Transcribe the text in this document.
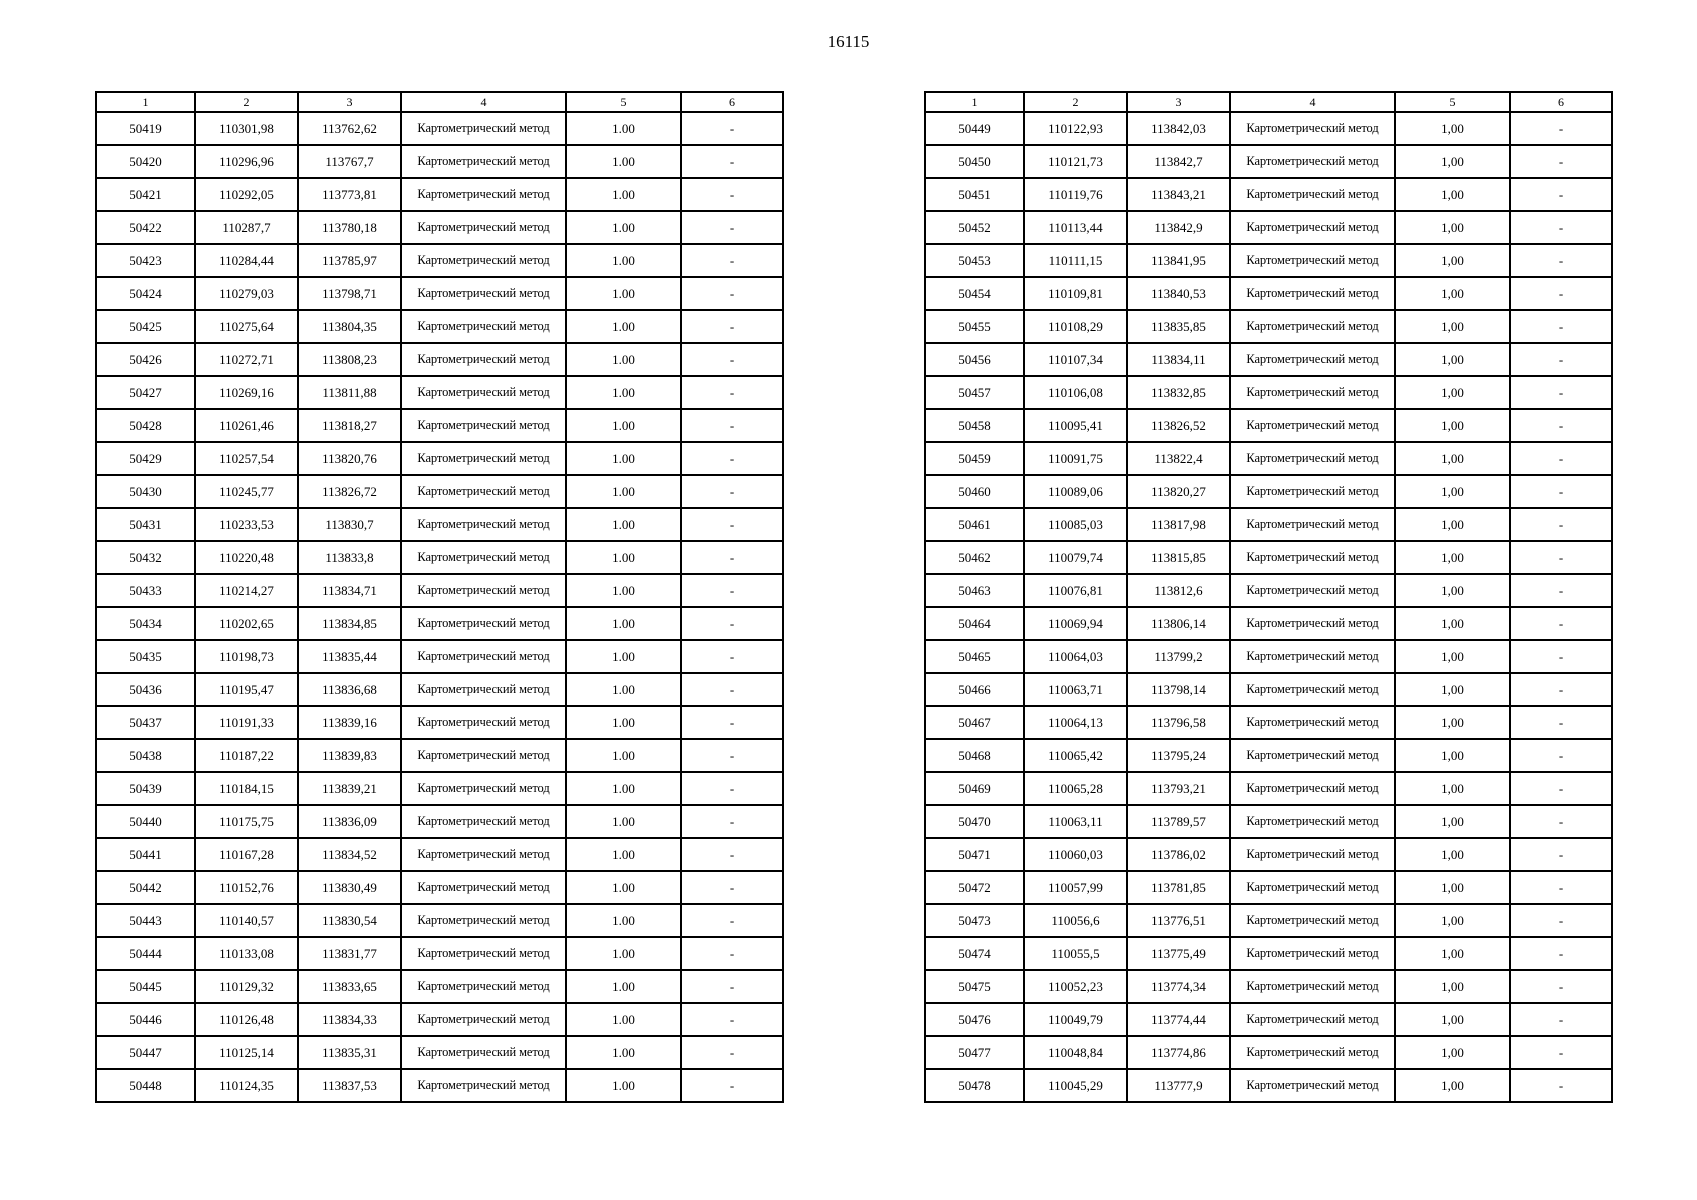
16115
1	2	3	4	5	6
50419	110301,98	113762,62	Картометрический метод	1.00	-
50420	110296,96	113767,7	Картометрический метод	1.00	-
50421	110292,05	113773,81	Картометрический метод	1.00	-
50422	110287,7	113780,18	Картометрический метод	1.00	-
50423	110284,44	113785,97	Картометрический метод	1.00	-
50424	110279,03	113798,71	Картометрический метод	1.00	-
50425	110275,64	113804,35	Картометрический метод	1.00	-
50426	110272,71	113808,23	Картометрический метод	1.00	-
50427	110269,16	113811,88	Картометрический метод	1.00	-
50428	110261,46	113818,27	Картометрический метод	1.00	-
50429	110257,54	113820,76	Картометрический метод	1.00	-
50430	110245,77	113826,72	Картометрический метод	1.00	-
50431	110233,53	113830,7	Картометрический метод	1.00	-
50432	110220,48	113833,8	Картометрический метод	1.00	-
50433	110214,27	113834,71	Картометрический метод	1.00	-
50434	110202,65	113834,85	Картометрический метод	1.00	-
50435	110198,73	113835,44	Картометрический метод	1.00	-
50436	110195,47	113836,68	Картометрический метод	1.00	-
50437	110191,33	113839,16	Картометрический метод	1.00	-
50438	110187,22	113839,83	Картометрический метод	1.00	-
50439	110184,15	113839,21	Картометрический метод	1.00	-
50440	110175,75	113836,09	Картометрический метод	1.00	-
50441	110167,28	113834,52	Картометрический метод	1.00	-
50442	110152,76	113830,49	Картометрический метод	1.00	-
50443	110140,57	113830,54	Картометрический метод	1.00	-
50444	110133,08	113831,77	Картометрический метод	1.00	-
50445	110129,32	113833,65	Картометрический метод	1.00	-
50446	110126,48	113834,33	Картометрический метод	1.00	-
50447	110125,14	113835,31	Картометрический метод	1.00	-
50448	110124,35	113837,53	Картометрический метод	1.00	-
1	2	3	4	5	6
50449	110122,93	113842,03	Картометрический метод	1,00	-
50450	110121,73	113842,7	Картометрический метод	1,00	-
50451	110119,76	113843,21	Картометрический метод	1,00	-
50452	110113,44	113842,9	Картометрический метод	1,00	-
50453	110111,15	113841,95	Картометрический метод	1,00	-
50454	110109,81	113840,53	Картометрический метод	1,00	-
50455	110108,29	113835,85	Картометрический метод	1,00	-
50456	110107,34	113834,11	Картометрический метод	1,00	-
50457	110106,08	113832,85	Картометрический метод	1,00	-
50458	110095,41	113826,52	Картометрический метод	1,00	-
50459	110091,75	113822,4	Картометрический метод	1,00	-
50460	110089,06	113820,27	Картометрический метод	1,00	-
50461	110085,03	113817,98	Картометрический метод	1,00	-
50462	110079,74	113815,85	Картометрический метод	1,00	-
50463	110076,81	113812,6	Картометрический метод	1,00	-
50464	110069,94	113806,14	Картометрический метод	1,00	-
50465	110064,03	113799,2	Картометрический метод	1,00	-
50466	110063,71	113798,14	Картометрический метод	1,00	-
50467	110064,13	113796,58	Картометрический метод	1,00	-
50468	110065,42	113795,24	Картометрический метод	1,00	-
50469	110065,28	113793,21	Картометрический метод	1,00	-
50470	110063,11	113789,57	Картометрический метод	1,00	-
50471	110060,03	113786,02	Картометрический метод	1,00	-
50472	110057,99	113781,85	Картометрический метод	1,00	-
50473	110056,6	113776,51	Картометрический метод	1,00	-
50474	110055,5	113775,49	Картометрический метод	1,00	-
50475	110052,23	113774,34	Картометрический метод	1,00	-
50476	110049,79	113774,44	Картометрический метод	1,00	-
50477	110048,84	113774,86	Картометрический метод	1,00	-
50478	110045,29	113777,9	Картометрический метод	1,00	-
